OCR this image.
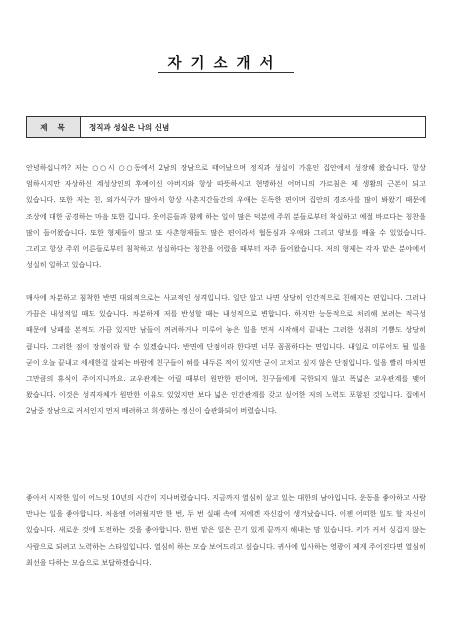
자기소개서
제목	정직과 성실은 나의 신념

안녕하십니까? 저는 ○○시 ○○동에서 2남의 장남으로 태어났으며 정직과 성실이 가훈인 집안에서 성장해 왔습니다. 항상 엄하시지만 자상하신 계성상인의 후예이신 아버지와 항상 따뜻하시고 현명하신 어머니의 가르침은 제 생활의 근본이 되고 있습니다. 또한 저는 친, 외가식구가 많아서 항상 사촌지간들간의 우애는 돈독한 편이며 집안의 경조사를 많이 봐왔기 때문에 조상에 대한 공경하는 마음 또한 깁니다. 웃어른들과 함께 하는 일이 많은 덕분에 주위 분들로부터 착실하고 예절 바르다는 칭찬을 많이 들어왔습니다. 또한 형제들이 많고 또 사촌형제들도 많은 편이라서 협동심과 우애와 그리고 양보를 배울 수 있었습니다. 그리고 항상 주위 어른들로부터 침착하고 성실하다는 칭찬을 어렸을 때부터 자주 들어왔습니다. 저의 형제는 각자 맡은 분야에서 성실히 일하고 있습니다.

매사에 차분하고 침착한 반면 대외적으로는 사교적인 성격입니다. 일단 알고 나면 상당히 인간적으로 친해지는 편입니다. 그러나 가끔은 내성적일 때도 있습니다. 차분하게 저를 반성할 때는 내성적으로 변합니다. 하지만 능동적으로 처리해 보려는 적극성 때문에 낭패를 본적도 가끔 있지만 남들이 꺼려하거나 미루어 놓은 일을 먼저 시작해서 끝내는 그러한 성취의 기쁨도 상당히 큽니다. 그러한 점이 장점이라 할 수 있겠습니다. 반면에 단점이라 한다면 너무 꼼꼼하다는 면입니다. 내일로 미루어도 될 일을 굳이 오늘 끝내고 세세한걸 살피는 바람에 친구들이 혀를 내두른 적이 있지만 굳이 고치고 싶지 않은 단점입니다. 일을 빨리 마치면 그만큼의 휴식이 주어지니까요. 교우관계는 어릴 때부터 원만한 편이며, 친구들에게 국한되지 않고 폭넓은 교우관계를 맺어 왔습니다. 이것은 성격자체가 원만한 이유도 있었지만 보다 넓은 인간관계를 갖고 싶어한 저의 노력도 포함된 것입니다. 집에서 2남중 장남으로 커서인지 먼저 배려하고 희생하는 정신이 습관화되어 버렸습니다.

좋아서 시작한 일이 어느덧 10년의 시간이 지나버렸습니다. 지금까지 열심히 살고 있는 대한의 남아입니다. 운동을 좋아하고 사람 만나는 일을 좋아합니다. 처음엔 어려웠지만 한 번, 두 번 실패 속에 저에겐 자신감이 생겨났습니다. 이젠 어떠한 일도 할 자신이 있습니다. 새로운 것에 도전하는 것을 좋아합니다. 한번 맡은 일은 끈기 있게 끝까지 해내는 맘 있습니다. 키가 커서 싱겁지 않는 사람으로 되려고 노력하는 스타일입니다. 열심히 하는 모습 보여드리고 싶습니다. 귀사에 입사하는 영광이 제게 주어진다면 열심히 최선을 다하는 모습으로 보답하겠습니다.
